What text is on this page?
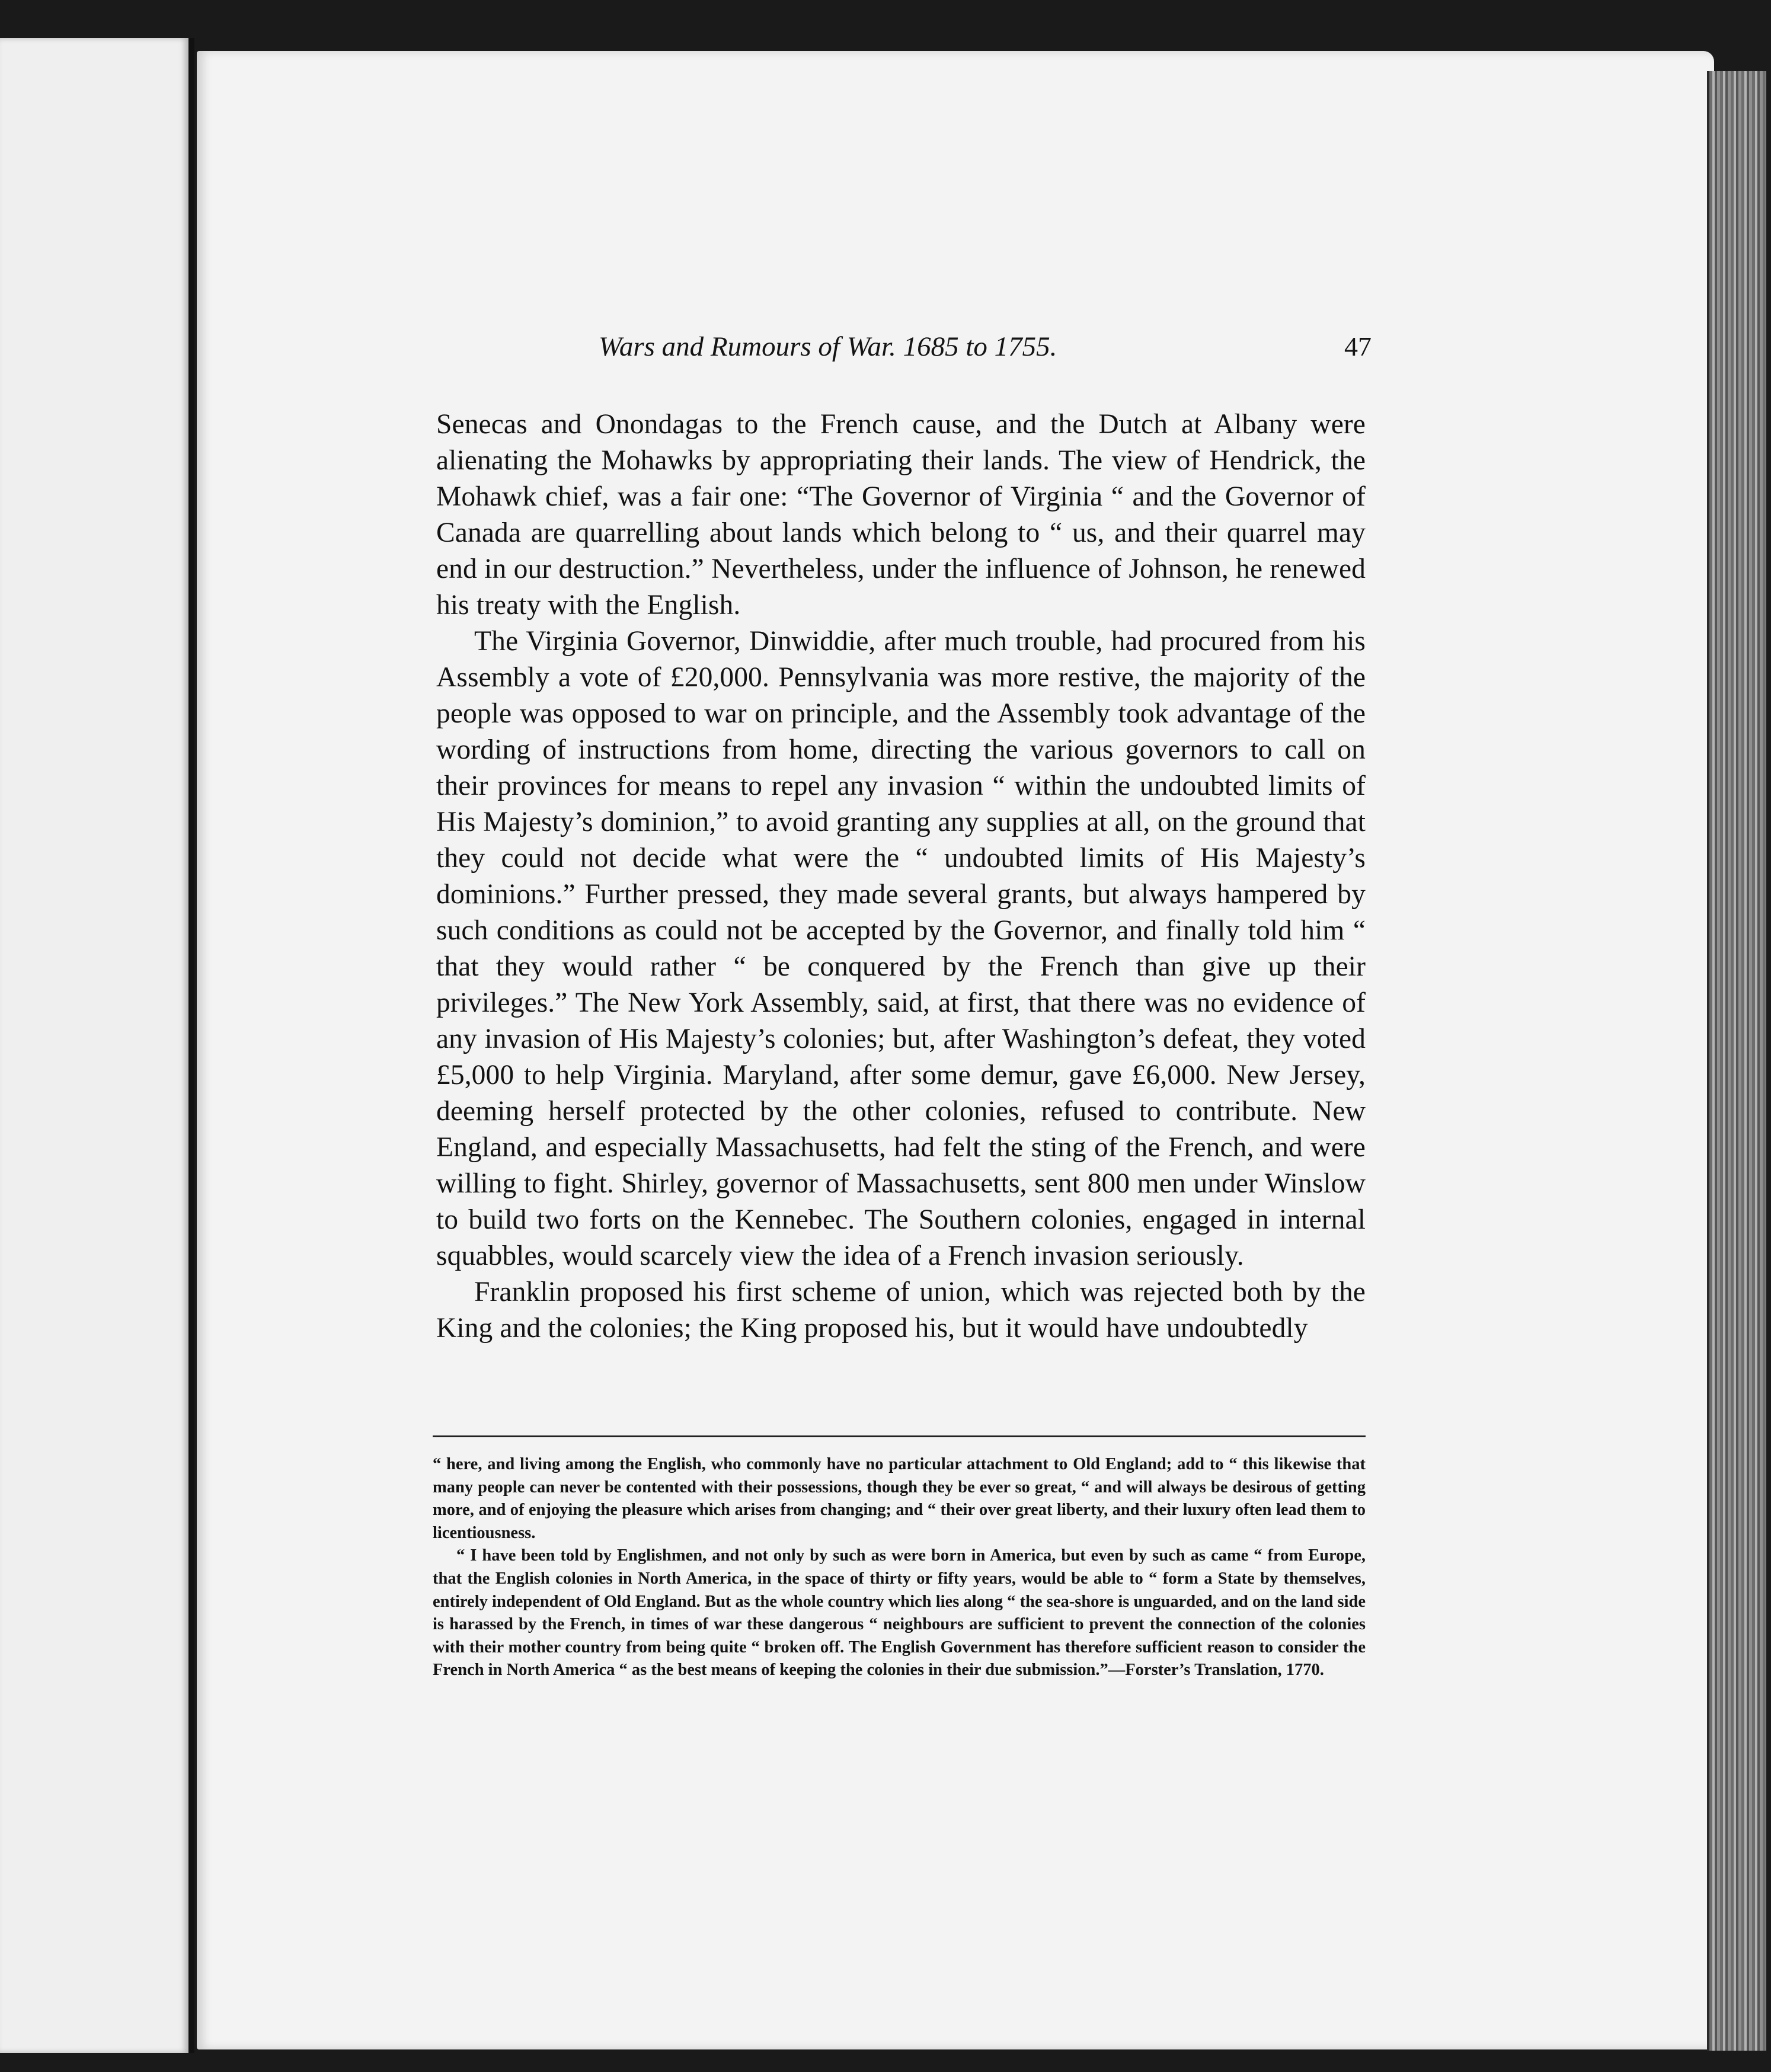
Wars and Rumours of War. 1685 to 1755.	47

Senecas and Onondagas to the French cause, and the Dutch at Albany were alienating the Mohawks by appropriating their lands. The view of Hendrick, the Mohawk chief, was a fair one: “The Governor of Virginia “ and the Governor of Canada are quarrelling about lands which belong to “ us, and their quarrel may end in our destruction.” Nevertheless, under the influence of Johnson, he renewed his treaty with the English.

The Virginia Governor, Dinwiddie, after much trouble, had procured from his Assembly a vote of £20,000. Pennsylvania was more restive, the majority of the people was opposed to war on principle, and the Assembly took advantage of the wording of instructions from home, directing the various governors to call on their provinces for means to repel any invasion “ within the undoubted limits of His Majesty’s dominion,” to avoid granting any supplies at all, on the ground that they could not decide what were the “ undoubted limits of His Majesty’s dominions.” Further pressed, they made several grants, but always hampered by such conditions as could not be accepted by the Governor, and finally told him “ that they would rather “ be conquered by the French than give up their privileges.” The New York Assembly, said, at first, that there was no evidence of any invasion of His Majesty’s colonies; but, after Washington’s defeat, they voted £5,000 to help Virginia. Maryland, after some demur, gave £6,000. New Jersey, deeming herself protected by the other colonies, refused to contribute. New England, and especially Massachusetts, had felt the sting of the French, and were willing to fight. Shirley, governor of Massachusetts, sent 800 men under Winslow to build two forts on the Kennebec. The Southern colonies, engaged in internal squabbles, would scarcely view the idea of a French invasion seriously.

Franklin proposed his first scheme of union, which was rejected both by the King and the colonies; the King proposed his, but it would have undoubtedly

“ here, and living among the English, who commonly have no particular attachment to Old England; add to “ this likewise that many people can never be contented with their possessions, though they be ever so great, “ and will always be desirous of getting more, and of enjoying the pleasure which arises from changing; and “ their over great liberty, and their luxury often lead them to licentiousness.

“ I have been told by Englishmen, and not only by such as were born in America, but even by such as came “ from Europe, that the English colonies in North America, in the space of thirty or fifty years, would be able to “ form a State by themselves, entirely independent of Old England. But as the whole country which lies along “ the sea-shore is unguarded, and on the land side is harassed by the French, in times of war these dangerous “ neighbours are sufficient to prevent the connection of the colonies with their mother country from being quite “ broken off. The English Government has therefore sufficient reason to consider the French in North America “ as the best means of keeping the colonies in their due submission.”—Forster’s Translation, 1770.
